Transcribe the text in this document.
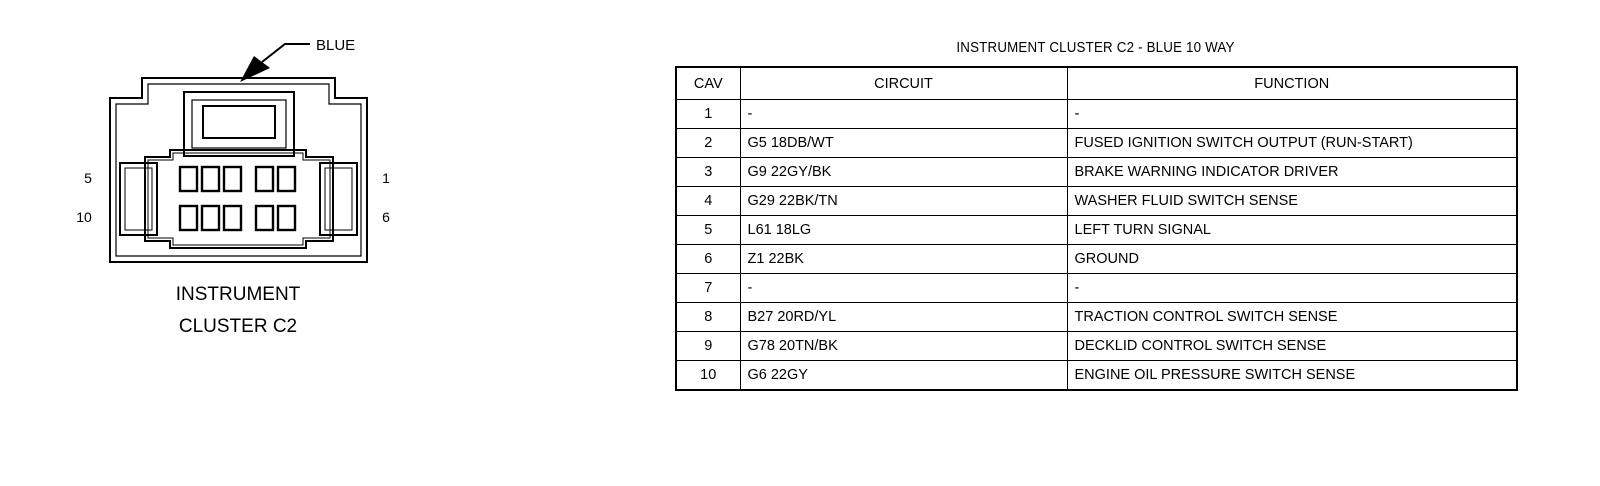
BLUE
5
10
1
6
INSTRUMENT
CLUSTER C2
INSTRUMENT CLUSTER C2 - BLUE 10 WAY
CAV	CIRCUIT	FUNCTION
1	-	-
2	G5 18DB/WT	FUSED IGNITION SWITCH OUTPUT (RUN-START)
3	G9 22GY/BK	BRAKE WARNING INDICATOR DRIVER
4	G29 22BK/TN	WASHER FLUID SWITCH SENSE
5	L61 18LG	LEFT TURN SIGNAL
6	Z1 22BK	GROUND
7	-	-
8	B27 20RD/YL	TRACTION CONTROL SWITCH SENSE
9	G78 20TN/BK	DECKLID CONTROL SWITCH SENSE
10	G6 22GY	ENGINE OIL PRESSURE SWITCH SENSE
